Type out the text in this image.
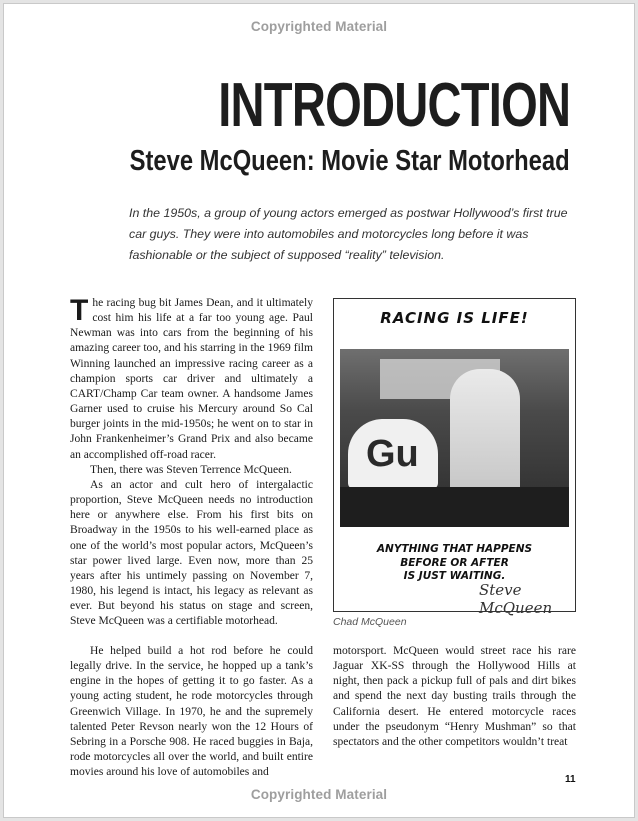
Copyrighted Material
INTRODUCTION
Steve McQueen: Movie Star Motorhead
In the 1950s, a group of young actors emerged as postwar Hollywood’s first true car guys. They were into automobiles and motorcycles long before it was fashionable or the subject of supposed “reality” television.
T he racing bug bit James Dean, and it ultimately cost him his life at a far too young age. Paul Newman was into cars from the beginning of his amazing career too, and his starring in the 1969 film Winning launched an impressive racing career as a champion sports car driver and ultimately a CART/Champ Car team owner. A handsome James Garner used to cruise his Mercury around So Cal burger joints in the mid-1950s; he went on to star in John Frankenheimer’s Grand Prix and also became an accomplished off-road racer.

Then, there was Steven Terrence McQueen.

As an actor and cult hero of intergalactic proportion, Steve McQueen needs no introduction here or anywhere else. From his first bits on Broadway in the 1950s to his well-earned place as one of the world’s most popular actors, McQueen’s star power lived large. Even now, more than 25 years after his untimely passing on November 7, 1980, his legend is intact, his legacy as relevant as ever. But beyond his status on stage and screen, Steve McQueen was a certifiable motorhead.

He helped build a hot rod before he could legally drive. In the service, he hopped up a tank’s engine in the hopes of getting it to go faster. As a young acting student, he rode motorcycles through Greenwich Village. In 1970, he and the supremely talented Peter Revson nearly won the 12 Hours of Sebring in a Porsche 908. He raced buggies in Baja, rode motorcycles all over the world, and built entire movies around his love of automobiles and

motorsport. McQueen would street race his rare Jaguar XK-SS through the Hollywood Hills at night, then pack a pickup full of pals and dirt bikes and spend the next day busting trails through the California desert. He entered motorcycle races under the pseudonym “Henry Mushman” so that spectators and the other competitors wouldn’t treat

RACING IS LIFE!
Gu
ANYTHING THAT HAPPENS
BEFORE OR AFTER
IS JUST WAITING.
Steve McQueen
Chad McQueen
11
Copyrighted Material
